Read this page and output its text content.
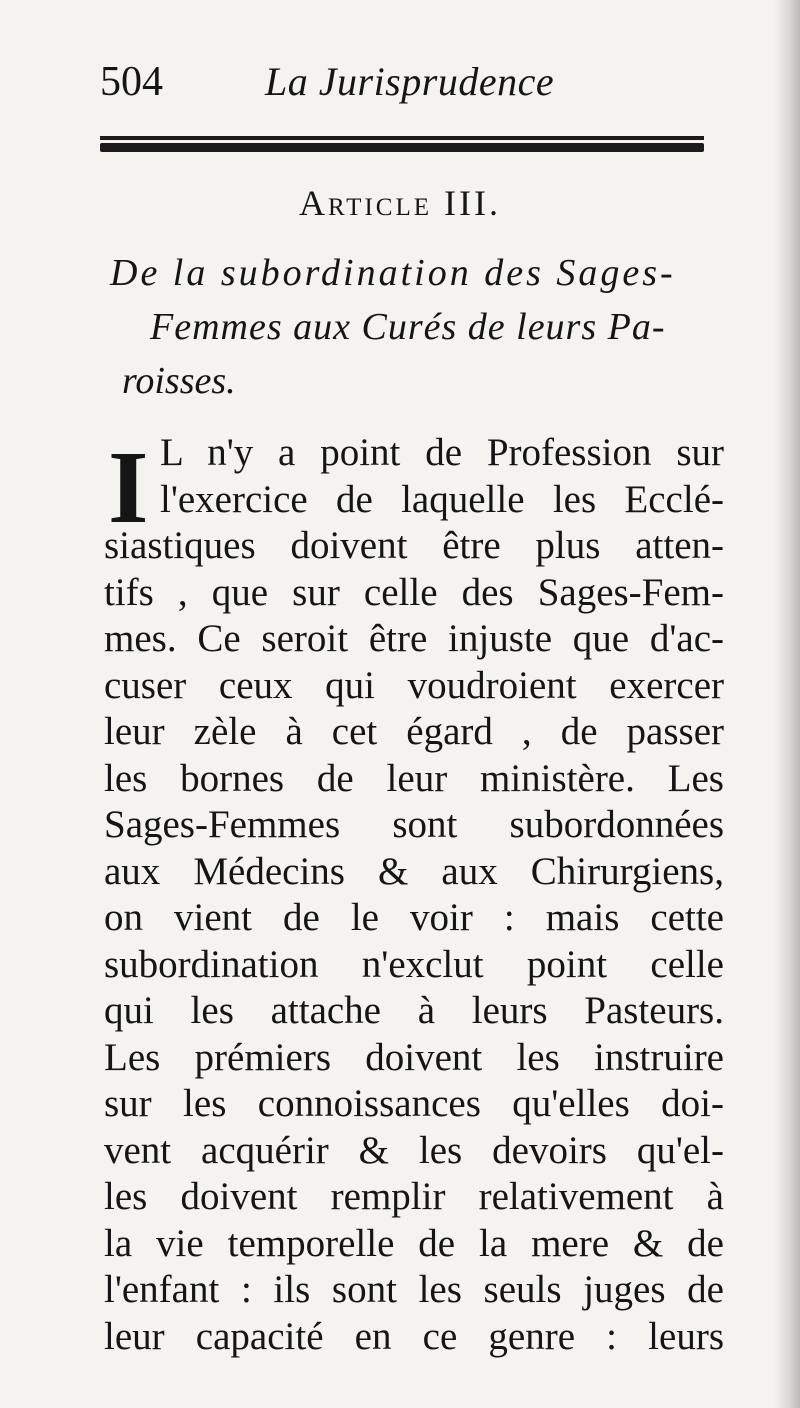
504	La Jurisprudence
Article III.
De la subordination des Sages-
Femmes aux Curés de leurs Pa-
roisses.
I L n'y a point de Profession sur
l'exercice de laquelle les Ecclé-
siastiques doivent être plus atten-
tifs , que sur celle des Sages-Fem-
mes. Ce seroit être injuste que d'ac-
cuser ceux qui voudroient exercer
leur zèle à cet égard , de passer
les bornes de leur ministère. Les
Sages-Femmes sont subordonnées
aux Médecins & aux Chirurgiens,
on vient de le voir : mais cette
subordination n'exclut point celle
qui les attache à leurs Pasteurs.
Les prémiers doivent les instruire
sur les connoissances qu'elles doi-
vent acquérir & les devoirs qu'el-
les doivent remplir relativement à
la vie temporelle de la mere & de
l'enfant : ils sont les seuls juges de
leur capacité en ce genre : leurs
